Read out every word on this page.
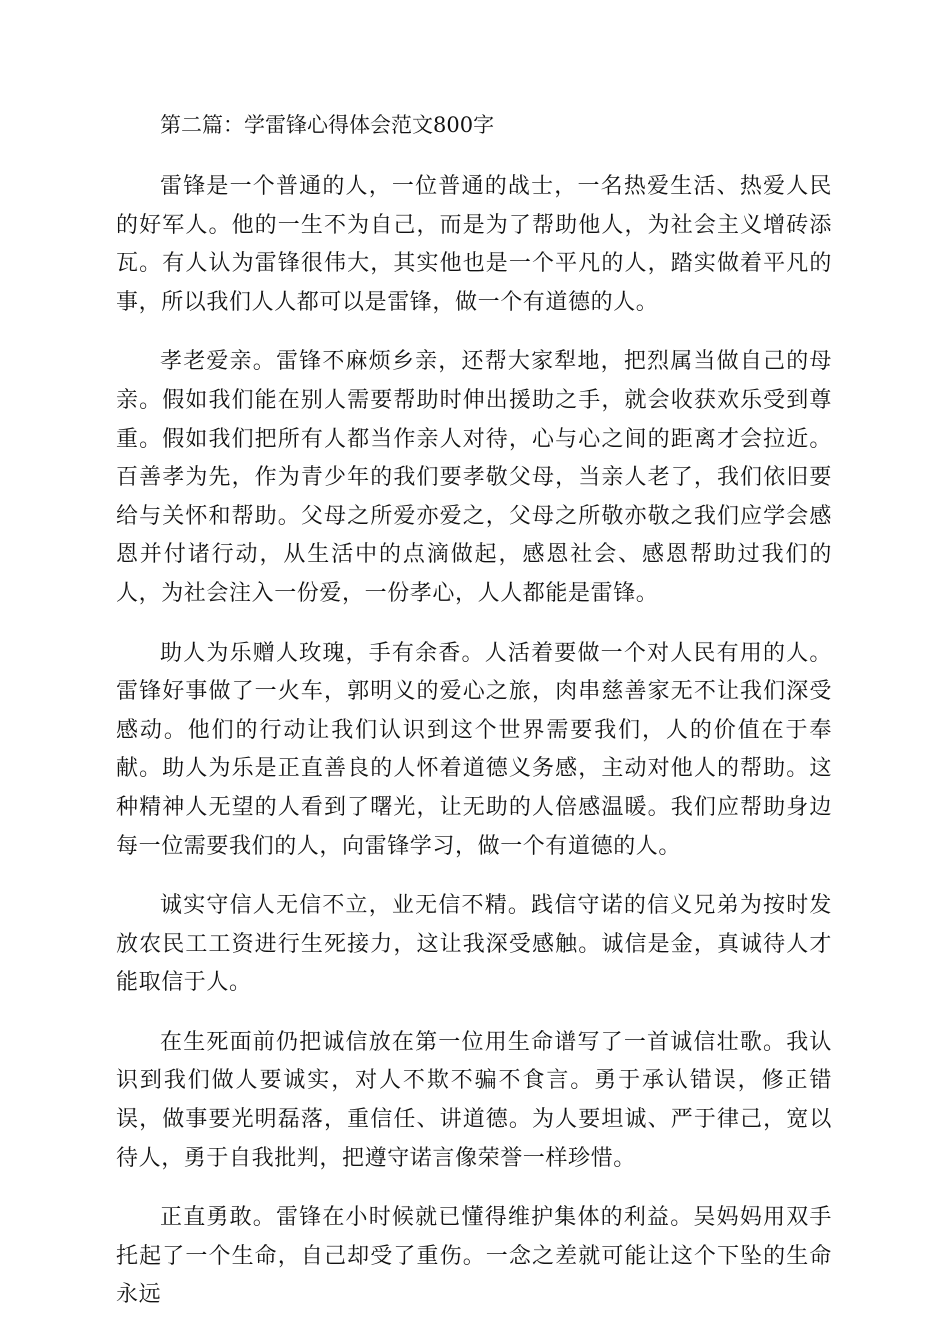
第二篇：学雷锋心得体会范文800字

雷锋是一个普通的人，一位普通的战士，一名热爱生活、热爱人民的好军人。他的一生不为自己，而是为了帮助他人，为社会主义增砖添瓦。有人认为雷锋很伟大，其实他也是一个平凡的人，踏实做着平凡的事，所以我们人人都可以是雷锋，做一个有道德的人。

孝老爱亲。雷锋不麻烦乡亲，还帮大家犁地，把烈属当做自己的母亲。假如我们能在别人需要帮助时伸出援助之手，就会收获欢乐受到尊重。假如我们把所有人都当作亲人对待，心与心之间的距离才会拉近。百善孝为先，作为青少年的我们要孝敬父母，当亲人老了，我们依旧要给与关怀和帮助。父母之所爱亦爱之，父母之所敬亦敬之我们应学会感恩并付诸行动，从生活中的点滴做起，感恩社会、感恩帮助过我们的人，为社会注入一份爱，一份孝心，人人都能是雷锋。

助人为乐赠人玫瑰，手有余香。人活着要做一个对人民有用的人。雷锋好事做了一火车，郭明义的爱心之旅，肉串慈善家无不让我们深受感动。他们的行动让我们认识到这个世界需要我们，人的价值在于奉献。助人为乐是正直善良的人怀着道德义务感，主动对他人的帮助。这种精神人无望的人看到了曙光，让无助的人倍感温暖。我们应帮助身边每一位需要我们的人，向雷锋学习，做一个有道德的人。

诚实守信人无信不立，业无信不精。践信守诺的信义兄弟为按时发放农民工工资进行生死接力，这让我深受感触。诚信是金，真诚待人才能取信于人。

在生死面前仍把诚信放在第一位用生命谱写了一首诚信壮歌。我认识到我们做人要诚实，对人不欺不骗不食言。勇于承认错误，修正错误，做事要光明磊落，重信任、讲道德。为人要坦诚、严于律己，宽以待人，勇于自我批判，把遵守诺言像荣誉一样珍惜。

正直勇敢。雷锋在小时候就已懂得维护集体的利益。吴妈妈用双手托起了一个生命，自己却受了重伤。一念之差就可能让这个下坠的生命永远
